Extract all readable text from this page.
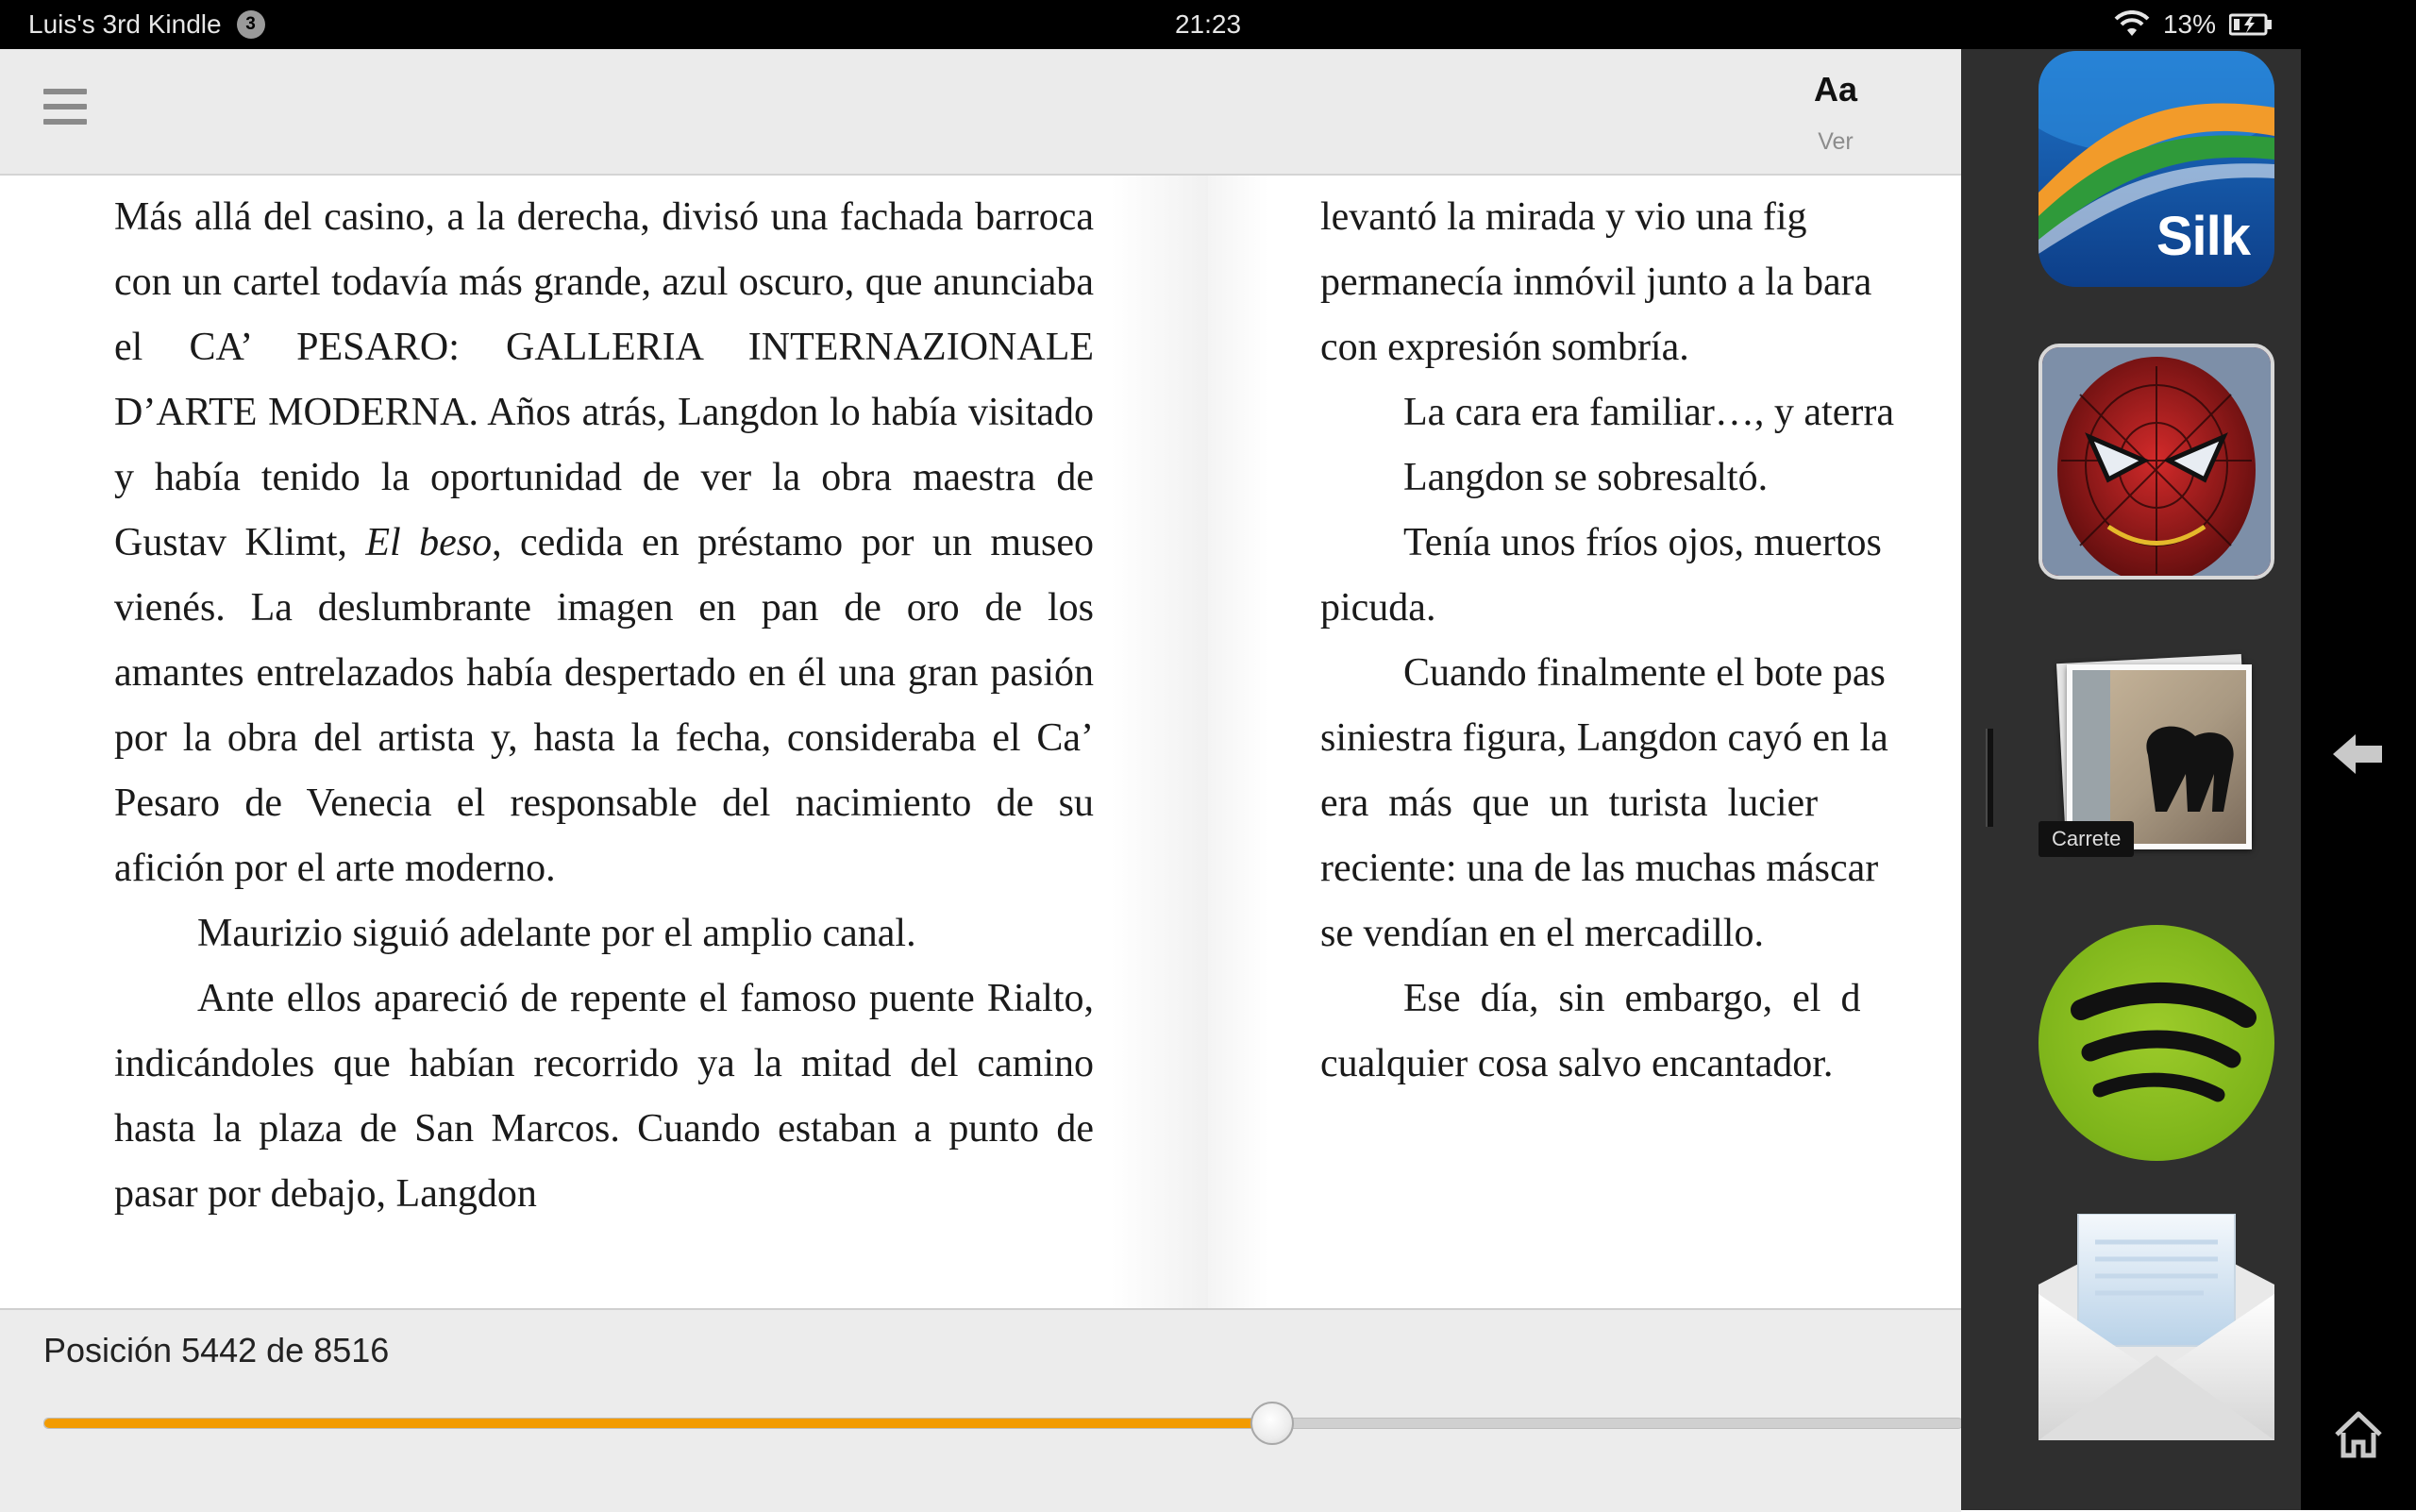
Luis's 3rd Kindle	3	21:23	13%
Aa
Ver

Más allá del casino, a la derecha, divisó una fachada barroca con un cartel todavía más grande, azul oscuro, que anunciaba el CA’ PESARO: GALLERIA INTERNAZIONALE D’ARTE MODERNA. Años atrás, Langdon lo había visitado y había tenido la oportunidad de ver la obra maestra de Gustav Klimt, El beso, cedida en préstamo por un museo vienés. La deslumbrante imagen en pan de oro de los amantes entrelazados había despertado en él una gran pasión por la obra del artista y, hasta la fecha, consideraba el Ca’ Pesaro de Venecia el responsable del nacimiento de su afición por el arte moderno.

Maurizio siguió adelante por el amplio canal.

Ante ellos apareció de repente el famoso puente Rialto, indicándoles que habían recorrido ya la mitad del camino hasta la plaza de San Marcos. Cuando estaban a punto de pasar por debajo, Langdon

levantó la mirada y vio una fig

permanecía inmóvil junto a la bara

con expresión sombría.

La cara era familiar…, y aterra

Langdon se sobresaltó.

Tenía unos fríos ojos, muertos

picuda.

Cuando finalmente el bote pas

siniestra figura, Langdon cayó en la

era  más  que  un  turista  lucier

reciente: una de las muchas máscar

se vendían en el mercadillo.

Ese  día,  sin  embargo,  el  d

cualquier cosa salvo encantador.

Posición 5442 de 8516
Silk
Carrete
